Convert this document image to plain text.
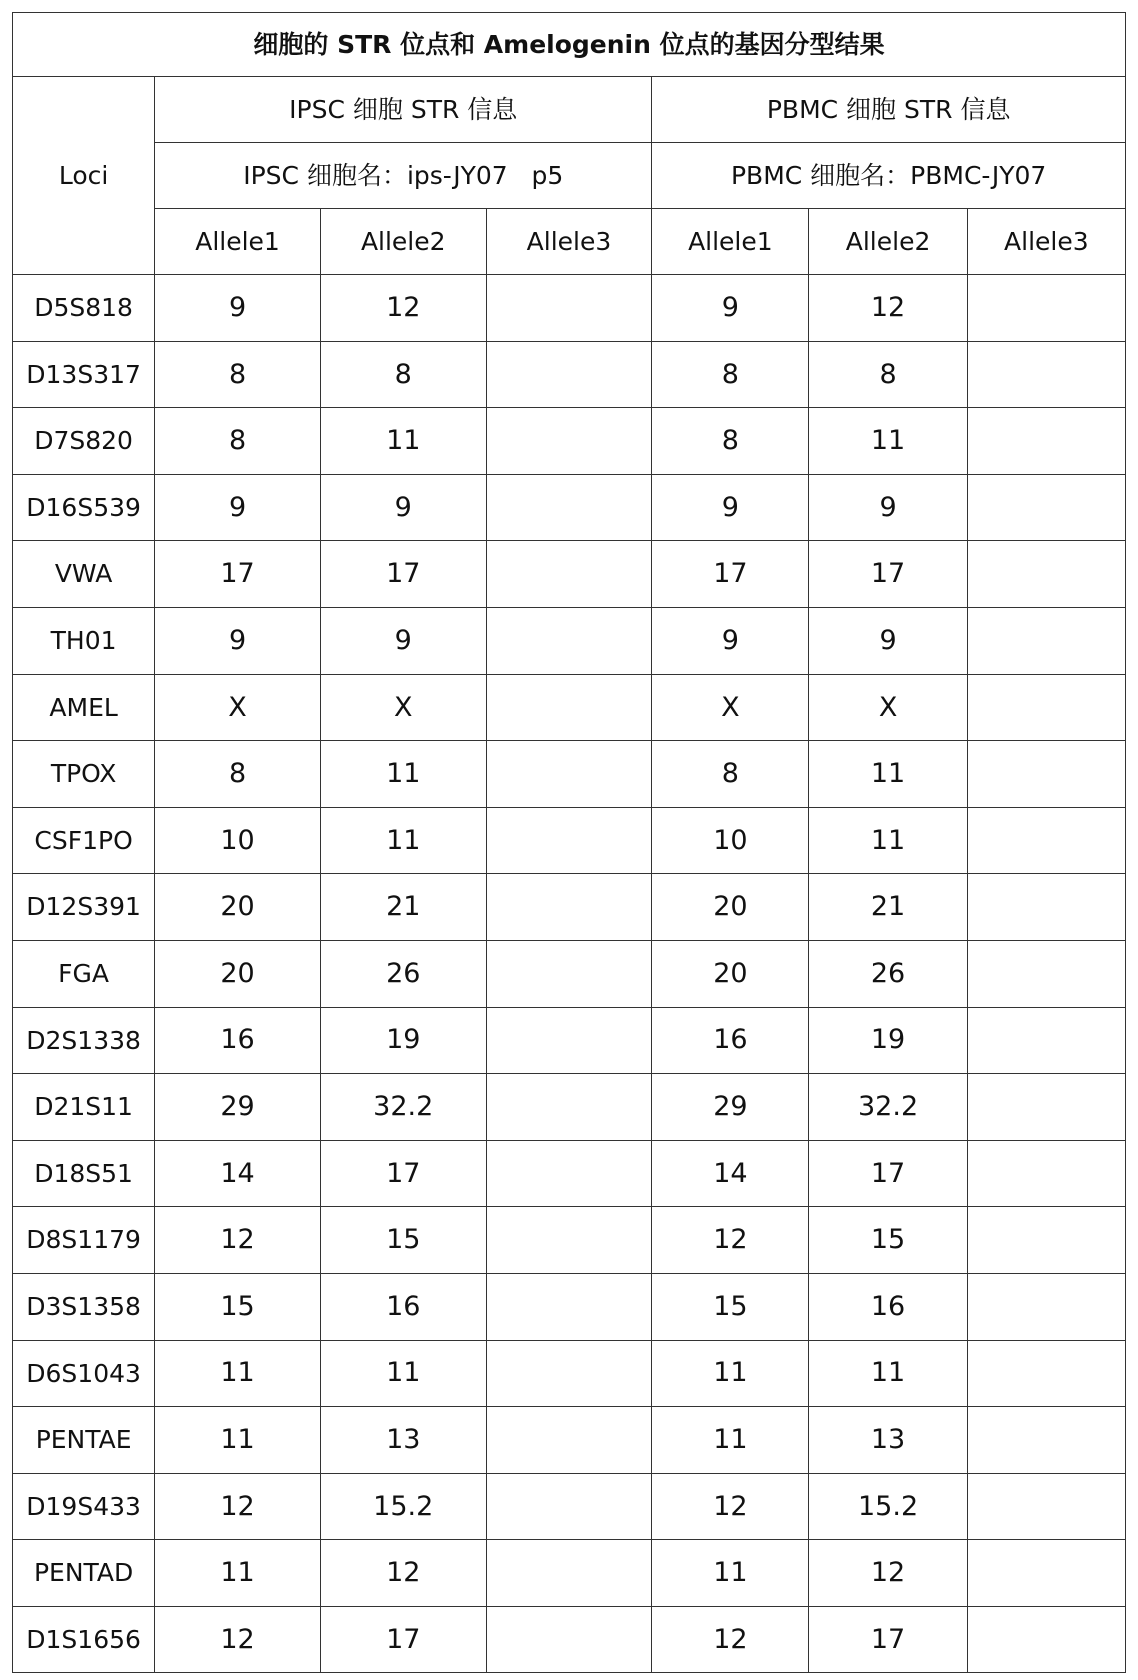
细胞的 STR 位点和 Amelogenin 位点的基因分型结果						
Loci	IPSC 细胞 STR 信息			PBMC 细胞 STR 信息		
	IPSC 细胞名：ips-JY07   p5			PBMC 细胞名：PBMC-JY07		
	Allele1	Allele2	Allele3	Allele1	Allele2	Allele3
D5S818	9	12		9	12	
D13S317	8	8		8	8	
D7S820	8	11		8	11	
D16S539	9	9		9	9	
VWA	17	17		17	17	
TH01	9	9		9	9	
AMEL	X	X		X	X	
TPOX	8	11		8	11	
CSF1PO	10	11		10	11	
D12S391	20	21		20	21	
FGA	20	26		20	26	
D2S1338	16	19		16	19	
D21S11	29	32.2		29	32.2	
D18S51	14	17		14	17	
D8S1179	12	15		12	15	
D3S1358	15	16		15	16	
D6S1043	11	11		11	11	
PENTAE	11	13		11	13	
D19S433	12	15.2		12	15.2	
PENTAD	11	12		11	12	
D1S1656	12	17		12	17	
